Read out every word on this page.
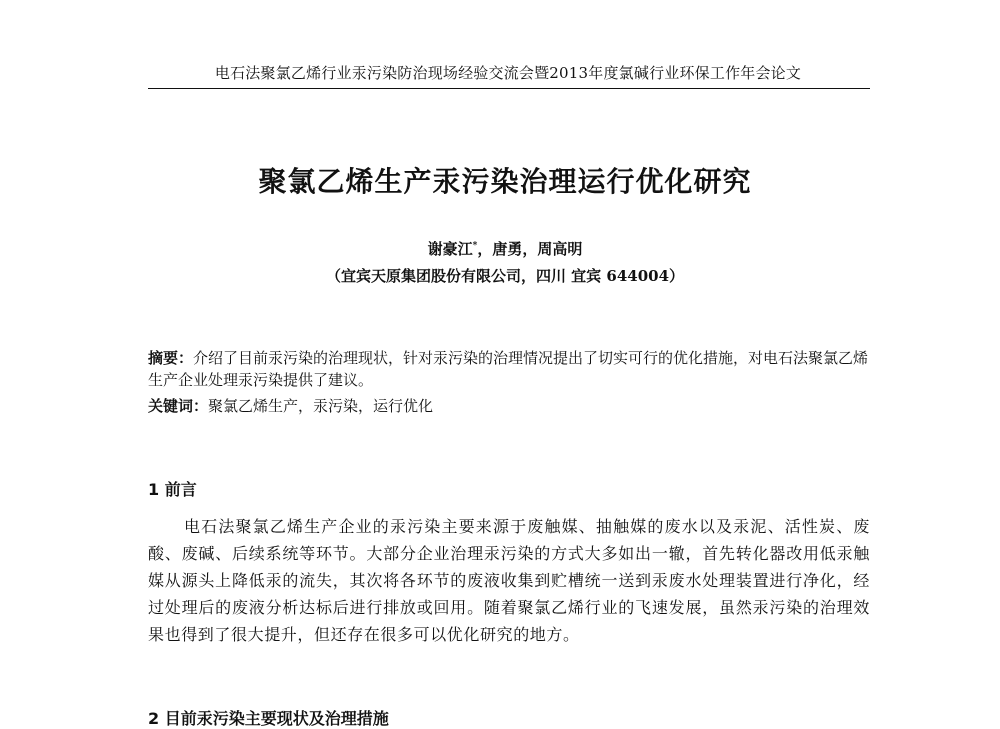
电石法聚氯乙烯行业汞污染防治现场经验交流会暨2013年度氯碱行业环保工作年会论文
聚氯乙烯生产汞污染治理运行优化研究
谢豪江*，唐勇，周高明
（宜宾天原集团股份有限公司，四川 宜宾 644004）
摘要：介绍了目前汞污染的治理现状，针对汞污染的治理情况提出了切实可行的优化措施，对电石法聚氯乙烯生产企业处理汞污染提供了建议。
关键词：聚氯乙烯生产，汞污染，运行优化
1 前言
电石法聚氯乙烯生产企业的汞污染主要来源于废触媒、抽触媒的废水以及汞泥、活性炭、废酸、废碱、后续系统等环节。大部分企业治理汞污染的方式大多如出一辙，首先转化器改用低汞触媒从源头上降低汞的流失，其次将各环节的废液收集到贮槽统一送到汞废水处理装置进行净化，经过处理后的废液分析达标后进行排放或回用。随着聚氯乙烯行业的飞速发展，虽然汞污染的治理效果也得到了很大提升，但还存在很多可以优化研究的地方。
2 目前汞污染主要现状及治理措施
